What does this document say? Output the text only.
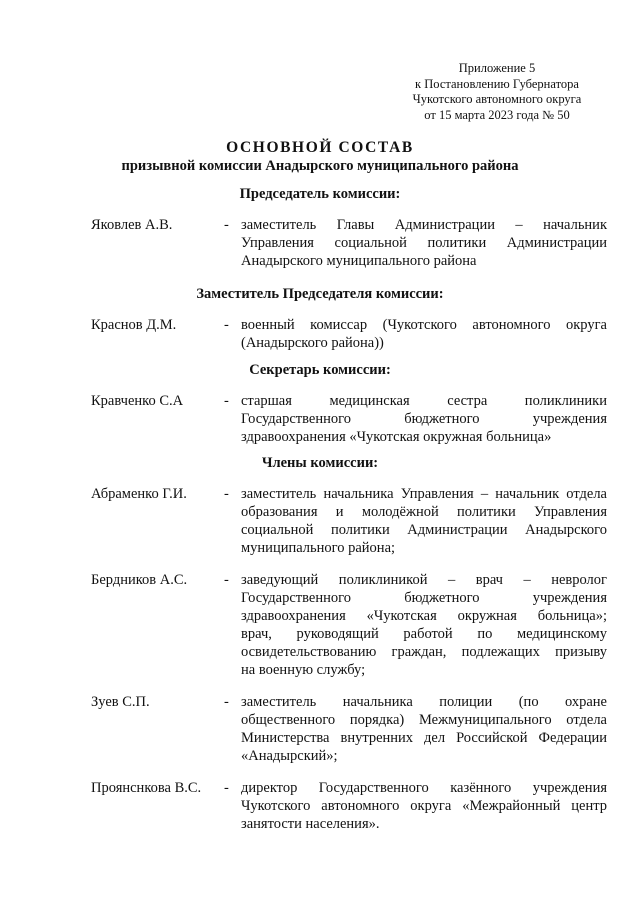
Приложение 5
к Постановлению Губернатора
Чукотского автономного округа
от 15 марта 2023 года № 50
ОСНОВНОЙ СОСТАВ
призывной комиссии Анадырского муниципального района
Председатель комиссии:
Яковлев А.В.	- заместитель Главы Администрации – начальник
Управления социальной политики Администрации
Анадырского муниципального района
Заместитель Председателя комиссии:
Краснов Д.М.	- военный комиссар (Чукотского автономного округа
(Анадырского района))
Секретарь комиссии:
Кравченко С.А	- старшая медицинская сестра поликлиники
Государственного бюджетного учреждения
здравоохранения «Чукотская окружная больница»
Члены комиссии:
Абраменко Г.И.	- заместитель начальника Управления – начальник отдела
образования и молодёжной политики Управления
социальной политики Администрации Анадырского
муниципального района;
Бердников А.С.	- заведующий поликлиникой – врач – невролог
Государственного бюджетного учреждения
здравоохранения «Чукотская окружная больница»;
врач, руководящий работой по медицинскому
освидетельствованию граждан, подлежащих призыву
на военную службу;
Зуев С.П.	- заместитель начальника полиции (по охране
общественного порядка) Межмуниципального отдела
Министерства внутренних дел Российской Федерации
«Анадырский»;
Проянснкова В.С. - директор Государственного казённого учреждения
Чукотского автономного округа «Межрайонный центр
занятости населения».
